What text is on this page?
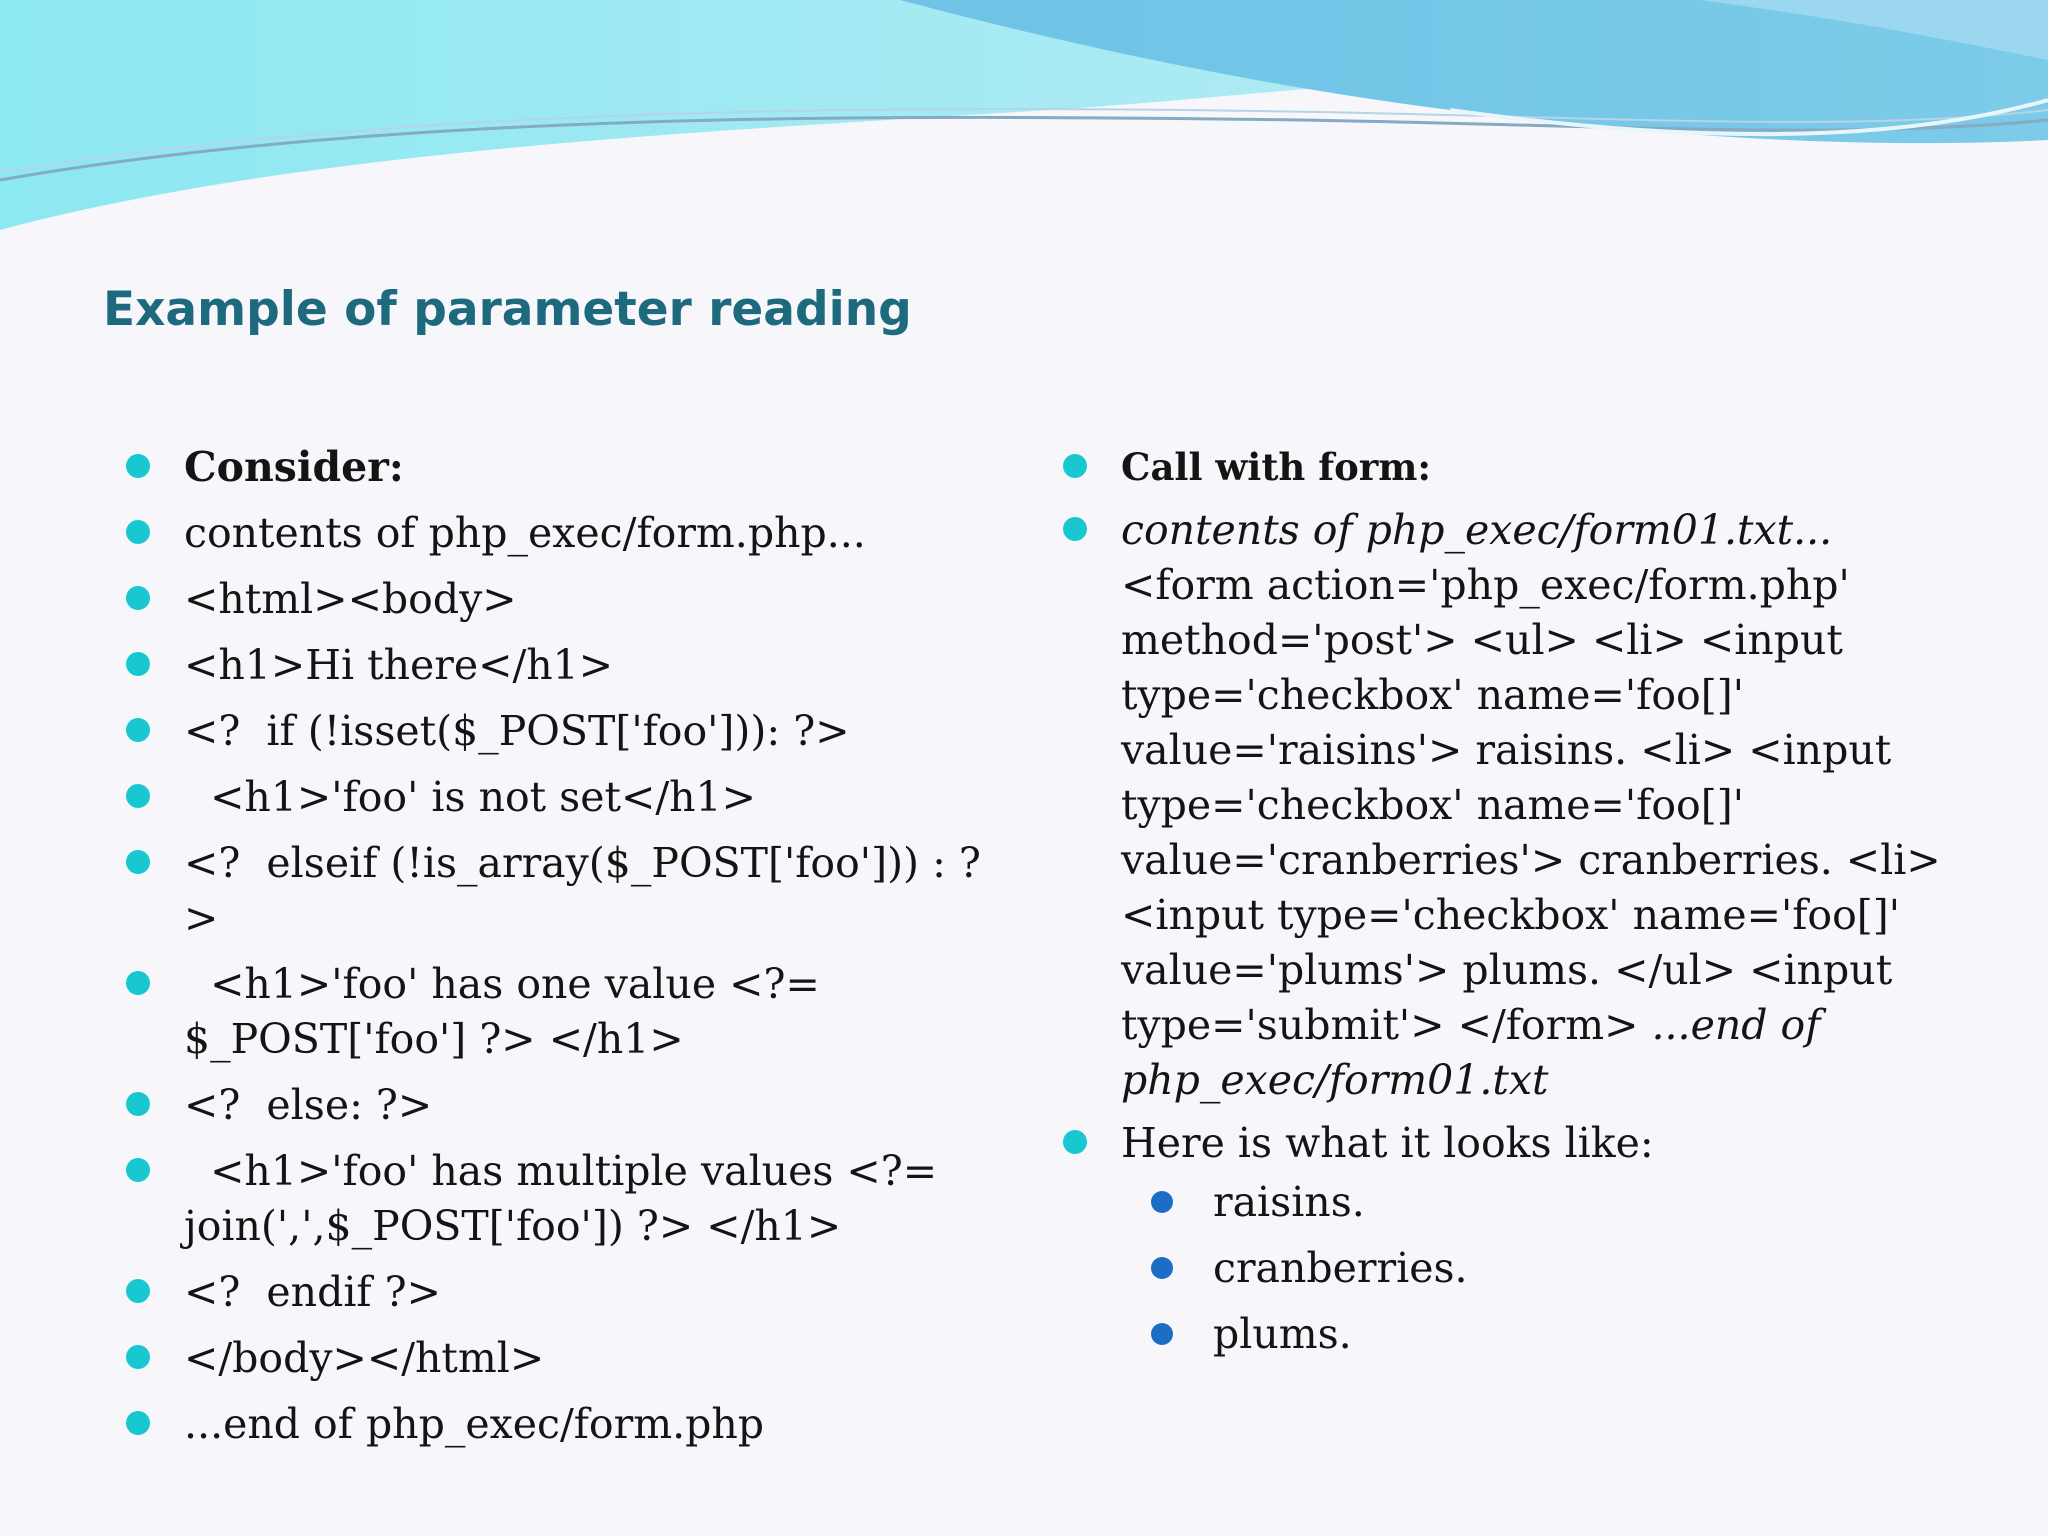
Example of parameter reading
Consider:
contents of php_exec/form.php...
<html><body>
<h1>Hi there</h1>
<?  if (!isset($_POST['foo'])): ?>
<h1>'foo' is not set</h1>
<?  elseif (!is_array($_POST['foo'])) : ?>
<h1>'foo' has one value <?= $_POST['foo'] ?> </h1>
<?  else: ?>
<h1>'foo' has multiple values <?= join(',',$_POST['foo']) ?> </h1>
<?  endif ?>
</body></html>
...end of php_exec/form.php
Call with form:
contents of php_exec/form01.txt... <form action='php_exec/form.php' method='post'> <ul> <li> <input type='checkbox' name='foo[]' value='raisins'> raisins. <li> <input type='checkbox' name='foo[]' value='cranberries'> cranberries. <li> <input type='checkbox' name='foo[]' value='plums'> plums. </ul> <input type='submit'> </form> ...end of php_exec/form01.txt
Here is what it looks like:
raisins.
cranberries.
plums.
